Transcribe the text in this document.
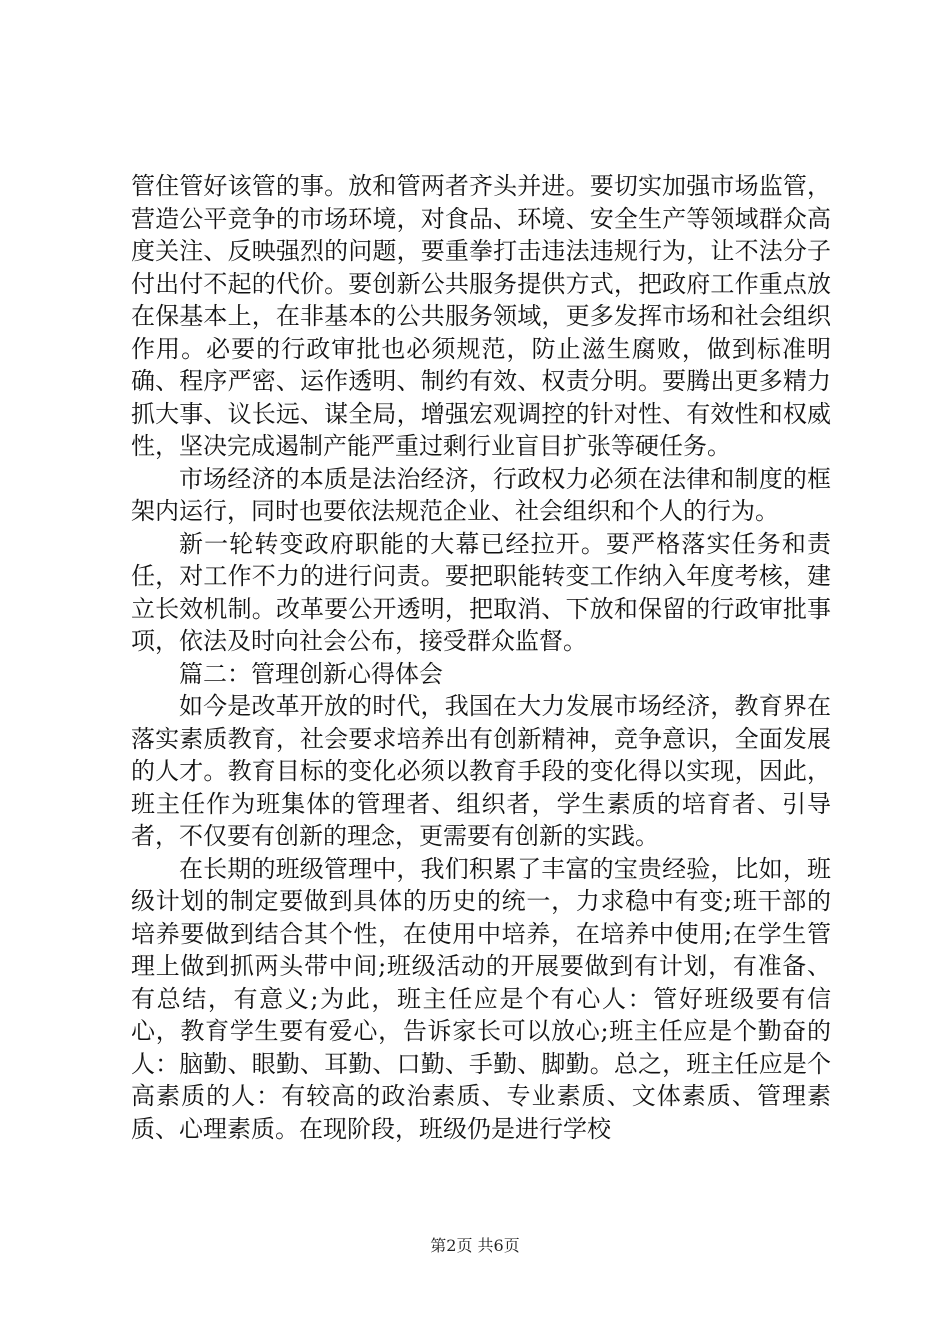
管住管好该管的事。放和管两者齐头并进。要切实加强市场监管，营造公平竞争的市场环境，对食品、环境、安全生产等领域群众高度关注、反映强烈的问题，要重拳打击违法违规行为，让不法分子付出付不起的代价。要创新公共服务提供方式，把政府工作重点放在保基本上，在非基本的公共服务领域，更多发挥市场和社会组织作用。必要的行政审批也必须规范，防止滋生腐败，做到标准明确、程序严密、运作透明、制约有效、权责分明。要腾出更多精力抓大事、议长远、谋全局，增强宏观调控的针对性、有效性和权威性，坚决完成遏制产能严重过剩行业盲目扩张等硬任务。

市场经济的本质是法治经济，行政权力必须在法律和制度的框架内运行，同时也要依法规范企业、社会组织和个人的行为。

新一轮转变政府职能的大幕已经拉开。要严格落实任务和责任，对工作不力的进行问责。要把职能转变工作纳入年度考核，建立长效机制。改革要公开透明，把取消、下放和保留的行政审批事项，依法及时向社会公布，接受群众监督。

篇二：管理创新心得体会

如今是改革开放的时代，我国在大力发展市场经济，教育界在落实素质教育，社会要求培养出有创新精神，竞争意识，全面发展的人才。教育目标的变化必须以教育手段的变化得以实现，因此，班主任作为班集体的管理者、组织者，学生素质的培育者、引导者，不仅要有创新的理念，更需要有创新的实践。

在长期的班级管理中，我们积累了丰富的宝贵经验，比如，班级计划的制定要做到具体的历史的统一，力求稳中有变;班干部的培养要做到结合其个性，在使用中培养，在培养中使用;在学生管理上做到抓两头带中间;班级活动的开展要做到有计划，有准备、有总结，有意义;为此，班主任应是个有心人：管好班级要有信心，教育学生要有爱心，告诉家长可以放心;班主任应是个勤奋的人：脑勤、眼勤、耳勤、口勤、手勤、脚勤。总之，班主任应是个高素质的人：有较高的政治素质、专业素质、文体素质、管理素质、心理素质。在现阶段，班级仍是进行学校

第2页 共6页
